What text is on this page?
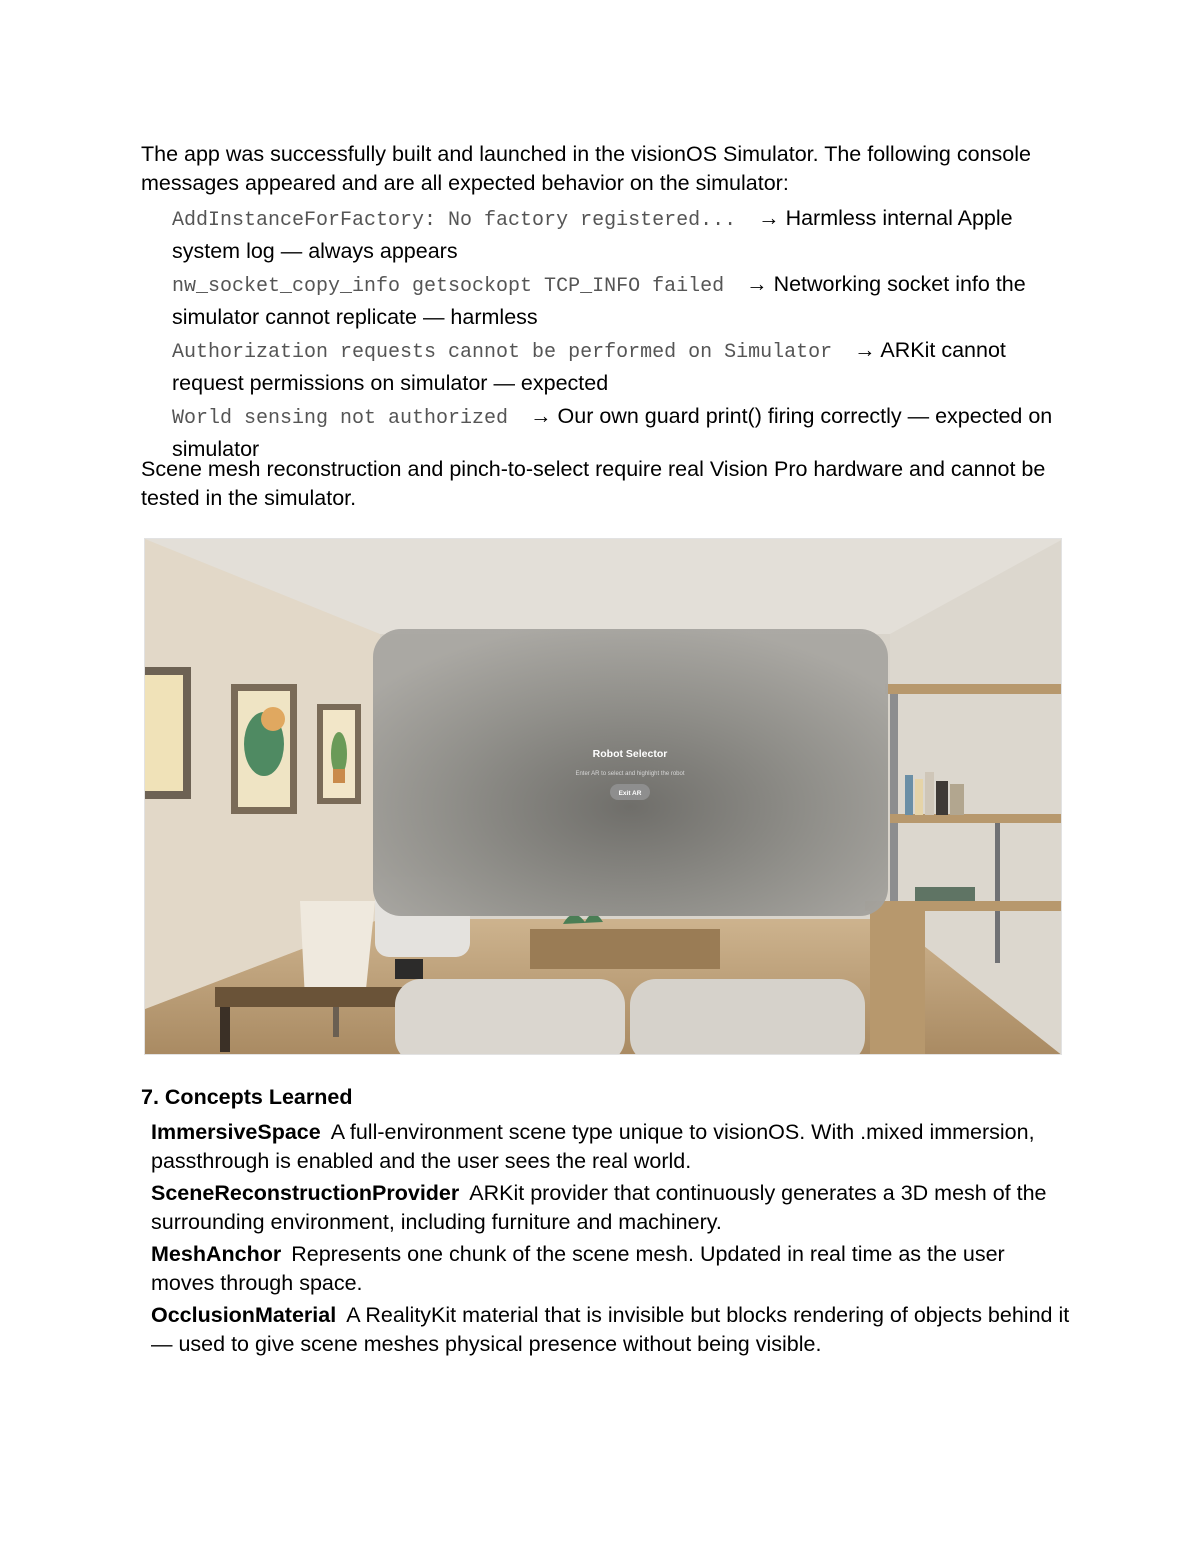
The app was successfully built and launched in the visionOS Simulator. The following console messages appeared and are all expected behavior on the simulator:

AddInstanceForFactory: No factory registered... → Harmless internal Apple system log — always appears
nw_socket_copy_info getsockopt TCP_INFO failed → Networking socket info the simulator cannot replicate — harmless
Authorization requests cannot be performed on Simulator → ARKit cannot request permissions on simulator — expected
World sensing not authorized → Our own guard print() firing correctly — expected on simulator

Scene mesh reconstruction and pinch-to-select require real Vision Pro hardware and cannot be tested in the simulator.

Robot Selector
Enter AR to select and highlight the robot
Exit AR
7. Concepts Learned
ImmersiveSpace A full-environment scene type unique to visionOS. With .mixed immersion, passthrough is enabled and the user sees the real world.
SceneReconstructionProvider ARKit provider that continuously generates a 3D mesh of the surrounding environment, including furniture and machinery.
MeshAnchor Represents one chunk of the scene mesh. Updated in real time as the user moves through space.
OcclusionMaterial A RealityKit material that is invisible but blocks rendering of objects behind it — used to give scene meshes physical presence without being visible.
